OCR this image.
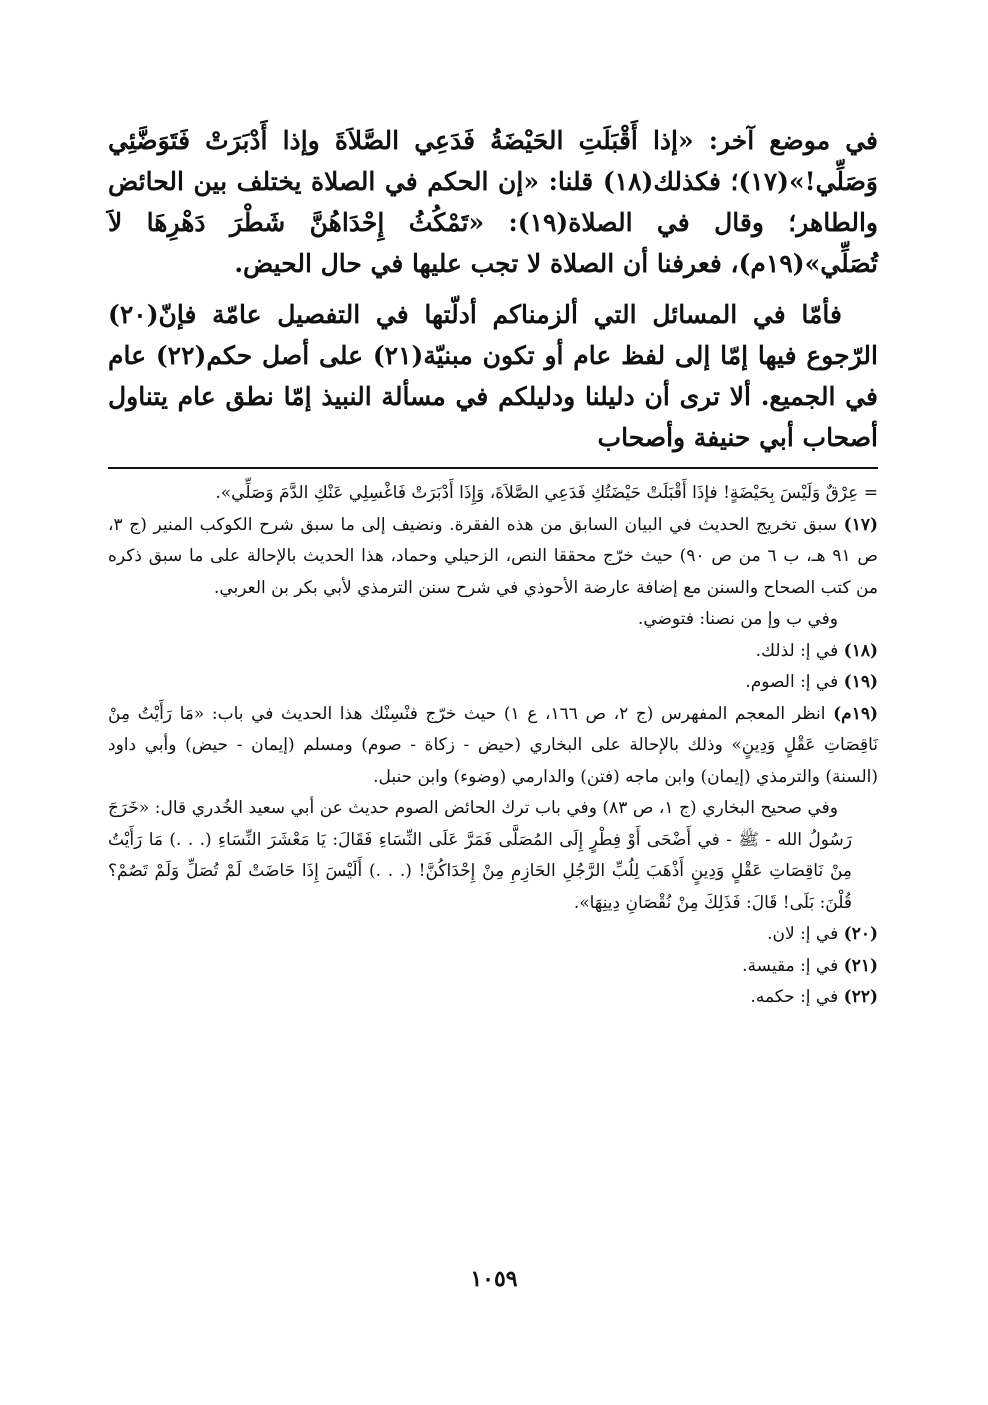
في موضع آخر: «إذا أَقْبَلَتِ الحَيْضَةُ فَدَعِي الصَّلاَةَ وإذا أَدْبَرَتْ فَتَوَضَّئِي وَصَلِّي!»(١٧)؛ فكذلك(١٨) قلنا: «إن الحكم في الصلاة يختلف بين الحائض والطاهر؛ وقال في الصلاة(١٩): «تَمْكُثُ إِحْدَاهُنَّ شَطْرَ دَهْرِهَا لاَ تُصَلِّي»(١٩م)، فعرفنا أن الصلاة لا تجب عليها في حال الحيض.

فأمّا في المسائل التي ألزمناكم أدلّتها في التفصيل عامّة فإنّ(٢٠) الرّجوع فيها إمّا إلى لفظ عام أو تكون مبنيّة(٢١) على أصل حكم(٢٢) عام في الجميع. ألا ترى أن دليلنا ودليلكم في مسألة النبيذ إمّا نطق عام يتناول أصحاب أبي حنيفة وأصحاب

= عِرْقٌ وَلَيْسَ بِحَيْضَةٍ! فإذَا أَقْبَلَتْ حَيْضَتُكِ فَدَعِي الصَّلاَةَ، وَإِذَا أَدْبَرَتْ فَاغْسِلِي عَنْكِ الدَّمَ وَصَلِّي».

(١٧) سبق تخريج الحديث في البيان السابق من هذه الفقرة. ونضيف إلى ما سبق شرح الكوكب المنير (ج ٣، ص ٩١ هـ، ب ٦ من ص ٩٠) حيث خرّج محققا النص، الزحيلي وحماد، هذا الحديث بالإحالة على ما سبق ذكره من كتب الصحاح والسنن مع إضافة عارضة الأحوذي في شرح سنن الترمذي لأبي بكر بن العربي.

وفي ب وإ من نصنا: فتوضي.

(١٨) في إ: لذلك.

(١٩) في إ: الصوم.

(١٩م) انظر المعجم المفهرس (ج ٢، ص ١٦٦، ع ١) حيث خرّج فنْسِنْك هذا الحديث في باب: «مَا رَأَيْتُ مِنْ نَاقِصَاتِ عَقْلٍ وَدِينٍ» وذلك بالإحالة على البخاري (حيض - زكاة - صوم) ومسلم (إيمان - حيض) وأبي داود (السنة) والترمذي (إيمان) وابن ماجه (فتن) والدارمي (وضوء) وابن حنبل.

وفي صحيح البخاري (ج ١، ص ٨٣) وفي باب ترك الحائض الصوم حديث عن أبي سعيد الخُدري قال: «خَرَجَ رَسُولُ الله - ﷺ - في أَضْحَى أَوْ فِطْرٍ إِلَى المُصَلَّى فَمَرَّ عَلَى النِّسَاءِ فَقَالَ: يَا مَعْشَرَ النِّسَاءِ (. . .) مَا رَأَيْتُ مِنْ نَاقِصَاتِ عَقْلٍ وَدِينٍ أَذْهَبَ لِلُبِّ الرَّجُلِ الحَازِمِ مِنْ إِحْدَاكُنَّ! (. . .) أَلَيْسَ إِذَا حَاضَتْ لَمْ تُصَلِّ وَلَمْ تَصُمْ؟ قُلْنَ: بَلَى! قَالَ: فَذَلِكَ مِنْ نُقْصَانِ دِينِهَا».

(٢٠) في إ: لان.

(٢١) في إ: مقيسة.

(٢٢) في إ: حكمه.

١٠٥٩
